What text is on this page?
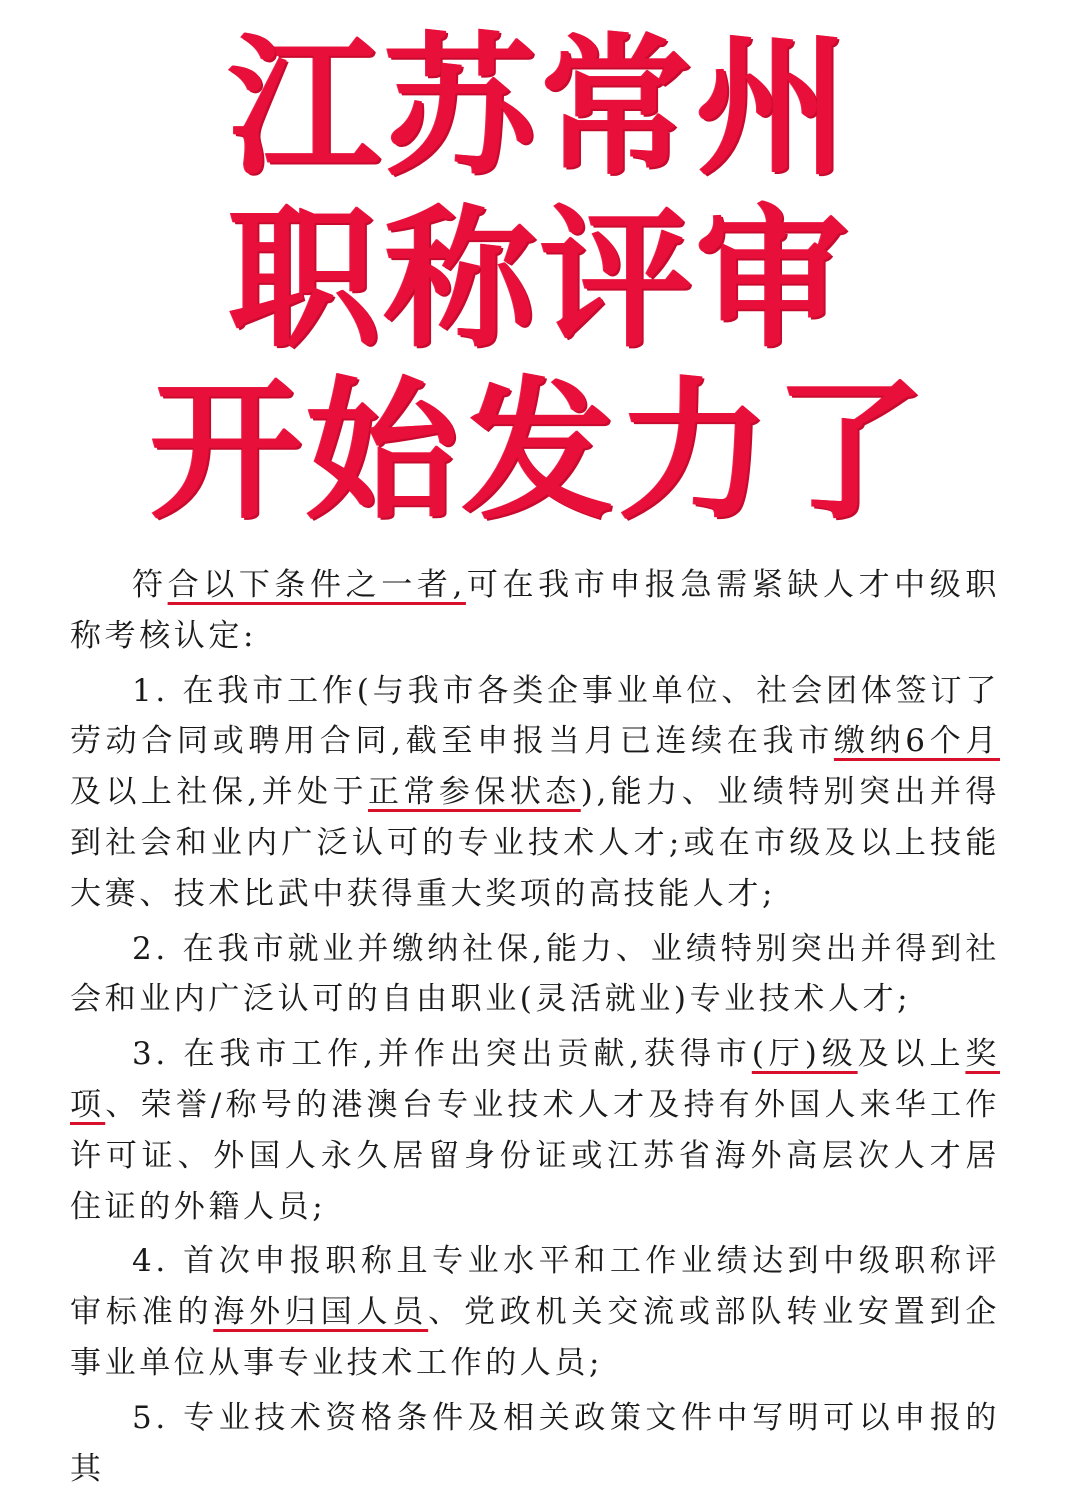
江苏常州
职称评审
开始发力了

符合以下条件之一者,可在我市申报急需紧缺人才中级职称考核认定:

1. 在我市工作(与我市各类企事业单位、社会团体签订了劳动合同或聘用合同,截至申报当月已连续在我市缴纳6个月及以上社保,并处于正常参保状态),能力、业绩特别突出并得到社会和业内广泛认可的专业技术人才;或在市级及以上技能大赛、技术比武中获得重大奖项的高技能人才;

2. 在我市就业并缴纳社保,能力、业绩特别突出并得到社会和业内广泛认可的自由职业(灵活就业)专业技术人才;

3. 在我市工作,并作出突出贡献,获得市(厅)级及以上奖项、荣誉/称号的港澳台专业技术人才及持有外国人来华工作许可证、外国人永久居留身份证或江苏省海外高层次人才居住证的外籍人员;

4. 首次申报职称且专业水平和工作业绩达到中级职称评审标准的海外归国人员、党政机关交流或部队转业安置到企事业单位从事专业技术工作的人员;

5. 专业技术资格条件及相关政策文件中写明可以申报的其
